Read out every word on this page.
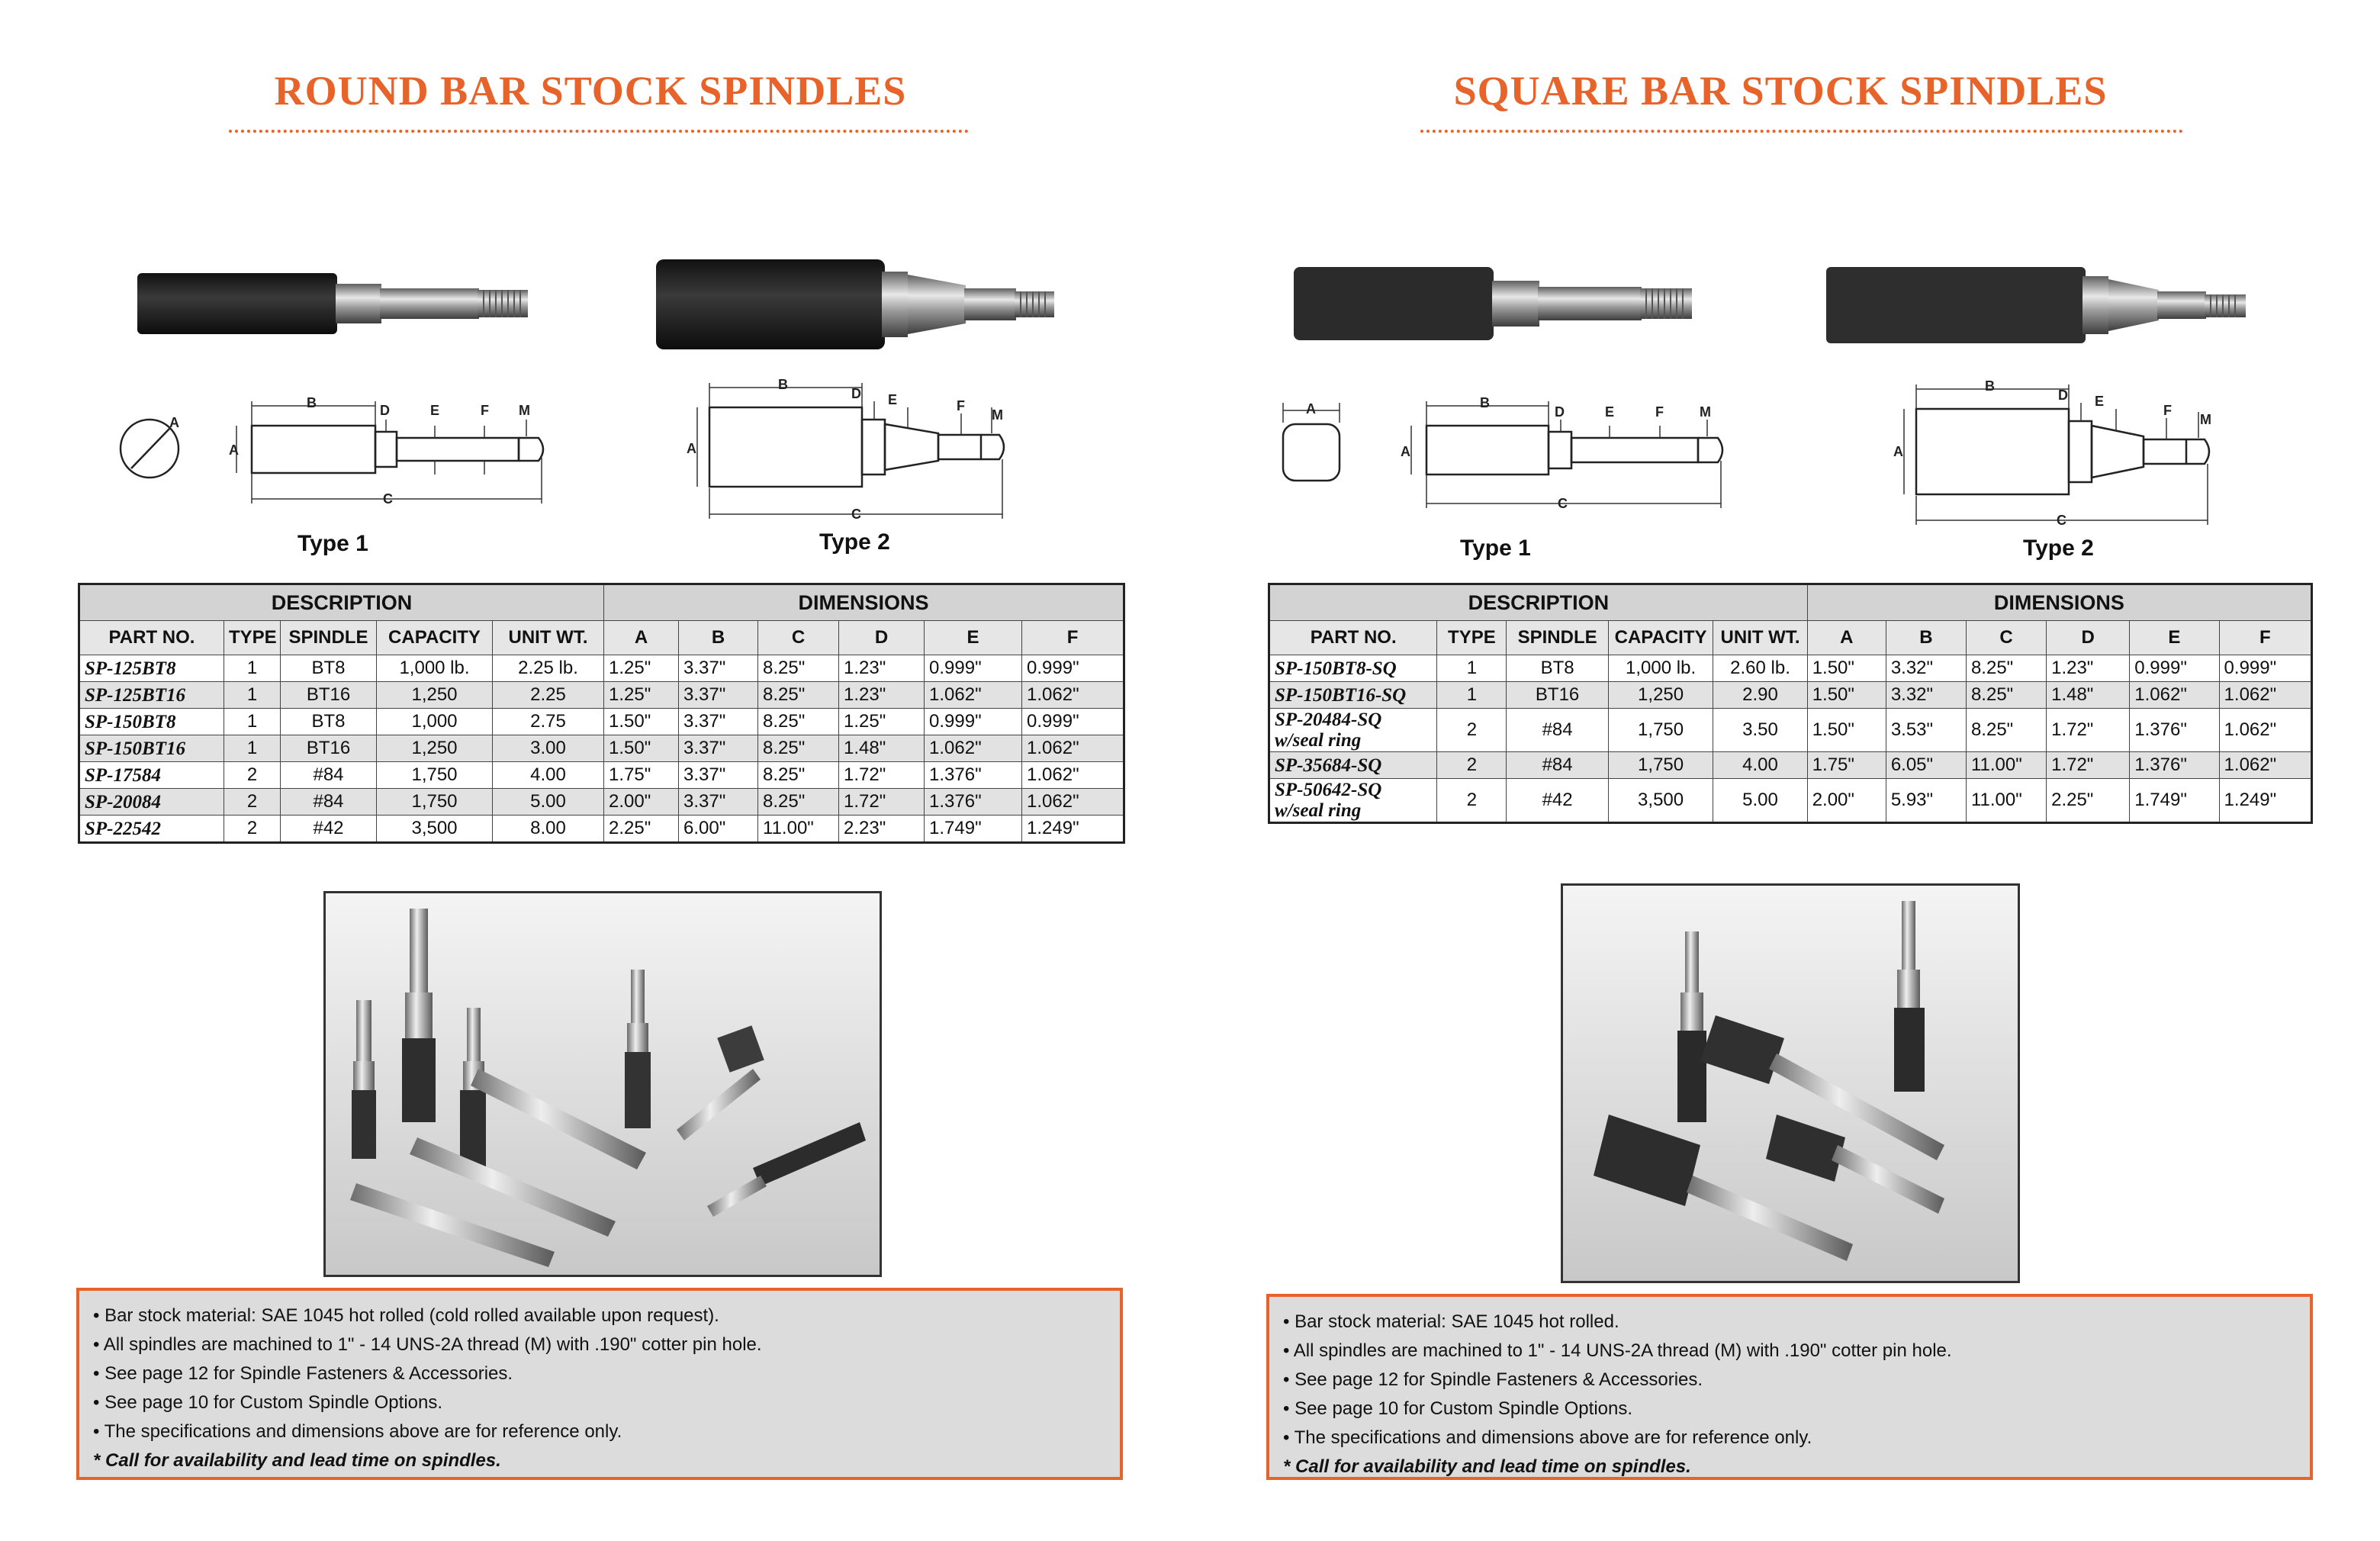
ROUND BAR STOCK SPINDLES
A
B	D	E	F M
A
C
Type 1
B
D E	F
M
A
C
Type 2
DESCRIPTION					DIMENSIONS					
PART NO.	TYPE	SPINDLE	CAPACITY	UNIT WT.	A	B	C	D	E	F

SP-125BT8	1	BT8	1,000 lb.	2.25 lb.	1.25"	3.37"	8.25"	1.23"	0.999"	0.999"

SP-125BT16	1	BT16	1,250	2.25	1.25"	3.37"	8.25"	1.23"	1.062"	1.062"

SP-150BT8	1	BT8	1,000	2.75	1.50"	3.37"	8.25"	1.25"	0.999"	0.999"

SP-150BT16	1	BT16	1,250	3.00	1.50"	3.37"	8.25"	1.48"	1.062"	1.062"

SP-17584	2	#84	1,750	4.00	1.75"	3.37"	8.25"	1.72"	1.376"	1.062"

SP-20084	2	#84	1,750	5.00	2.00"	3.37"	8.25"	1.72"	1.376"	1.062"

SP-22542	2	#42	3,500	8.00	2.25"	6.00"	11.00"	2.23"	1.749"	1.249"
• Bar stock material: SAE 1045 hot rolled (cold rolled available upon request).
• All spindles are machined to 1" - 14 UNS-2A thread (M) with .190" cotter pin hole.
• See page 12 for Spindle Fasteners & Accessories.
• See page 10 for Custom Spindle Options.
• The specifications and dimensions above are for reference only.
* Call for availability and lead time on spindles.
SQUARE BAR STOCK SPINDLES
A	B
D	E	F	M
A
C
Type 1
B
D E
F
M
A
C
Type 2
DESCRIPTION					DIMENSIONS					
PART NO.	TYPE	SPINDLE	CAPACITY	UNIT WT.	A	B	C	D	E	F

SP-150BT8-SQ	1	BT8	1,000 lb.	2.60 lb.	1.50"	3.32"	8.25"	1.23"	0.999"	0.999"

SP-150BT16-SQ	1	BT16	1,250	2.90	1.50"	3.32"	8.25"	1.48"	1.062"	1.062"

SP-20484-SQ
w/seal ring	2	#84	1,750	3.50	1.50"	3.53"	8.25"	1.72"	1.376"	1.062"

SP-35684-SQ	2	#84	1,750	4.00	1.75"	6.05"	11.00"	1.72"	1.376"	1.062"

SP-50642-SQ
w/seal ring	2	#42	3,500	5.00	2.00"	5.93"	11.00"	2.25"	1.749"	1.249"
• Bar stock material: SAE 1045 hot rolled.
• All spindles are machined to 1" - 14 UNS-2A thread (M) with .190" cotter pin hole.
• See page 12 for Spindle Fasteners & Accessories.
• See page 10 for Custom Spindle Options.
• The specifications and dimensions above are for reference only.
* Call for availability and lead time on spindles.
